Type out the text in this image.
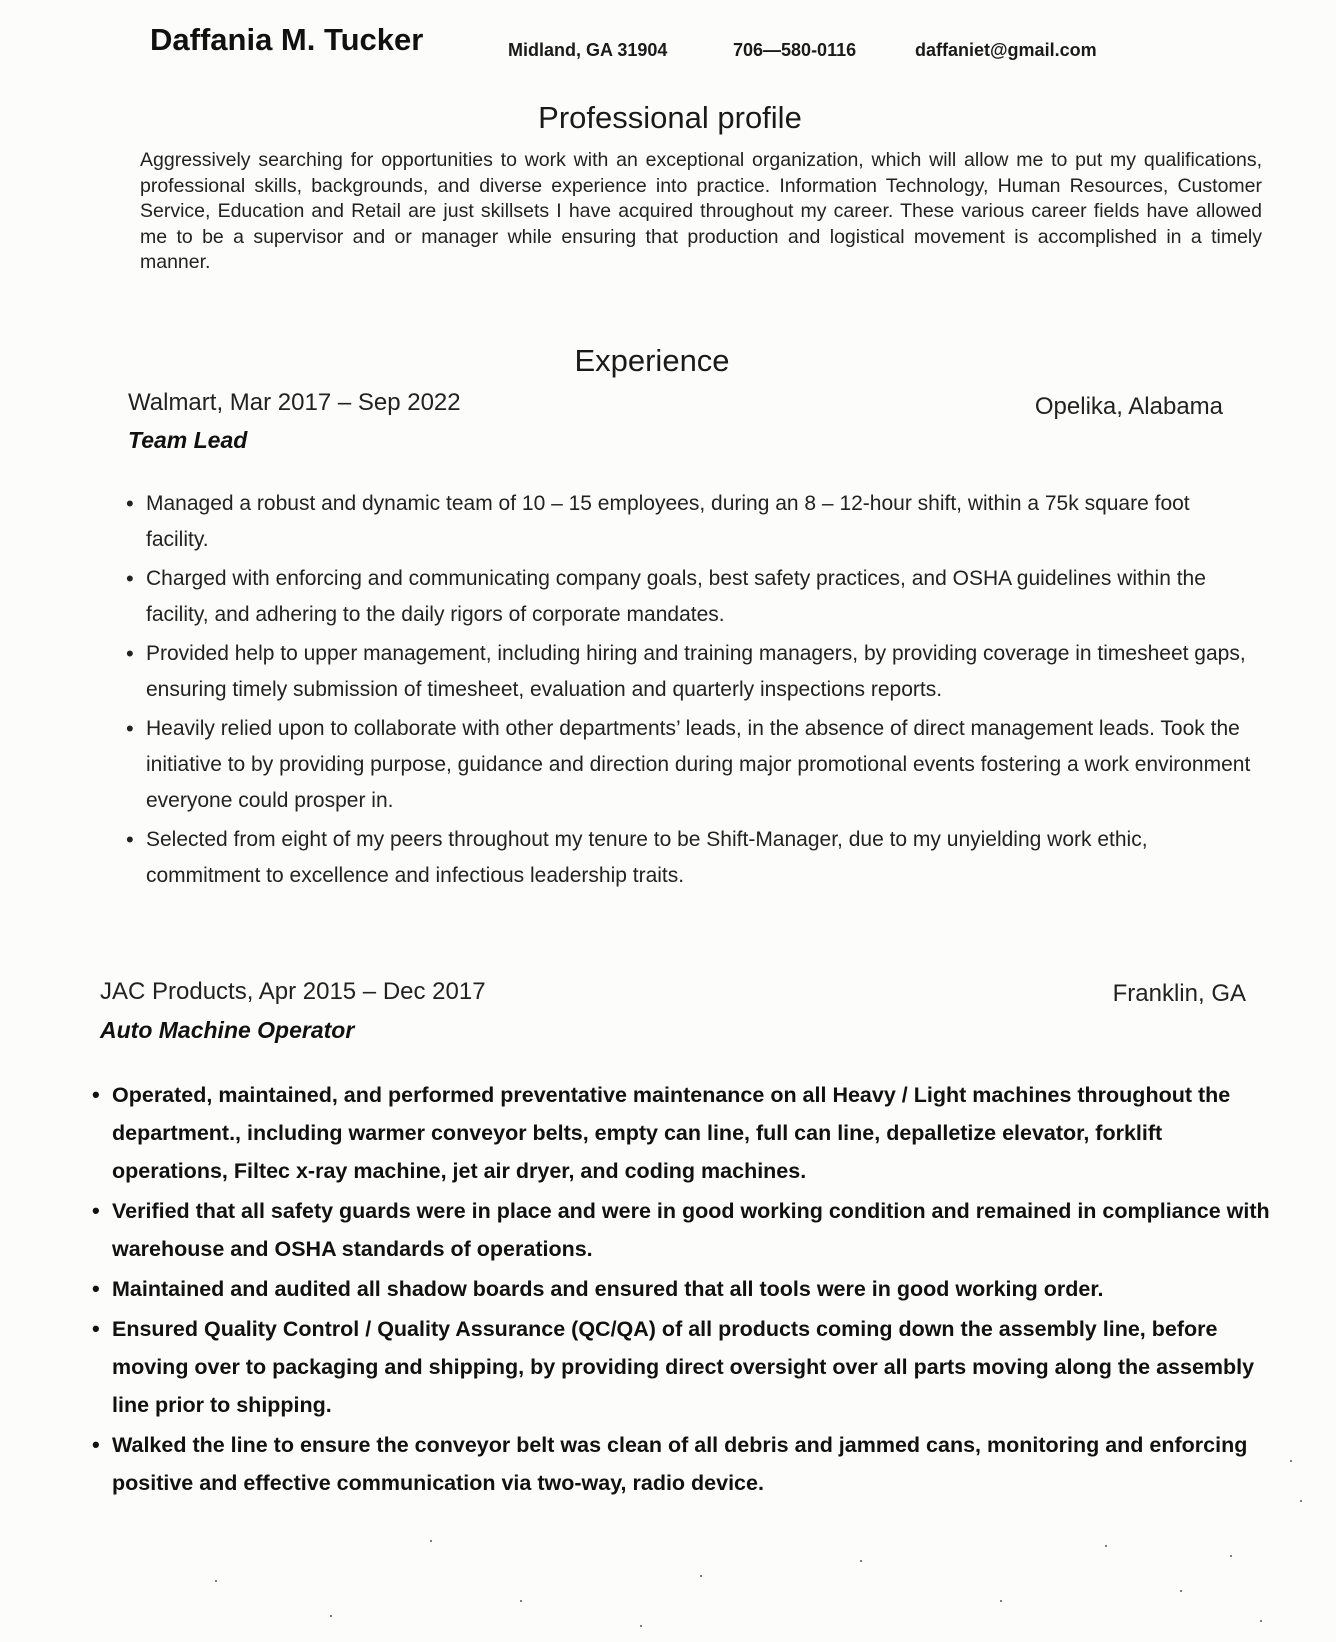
Daffania M. Tucker	Midland, GA 31904	706—580-0116	daffaniet@gmail.com
Professional profile
Aggressively searching for opportunities to work with an exceptional organization, which will allow me to put my qualifications, professional skills, backgrounds, and diverse experience into practice. Information Technology, Human Resources, Customer Service, Education and Retail are just skillsets I have acquired throughout my career. These various career fields have allowed me to be a supervisor and or manager while ensuring that production and logistical movement is accomplished in a timely manner.
Experience
Walmart, Mar 2017 – Sep 2022	Opelika, Alabama
Team Lead
• Managed a robust and dynamic team of 10 – 15 employees, during an 8 – 12-hour shift, within a 75k square foot facility.
• Charged with enforcing and communicating company goals, best safety practices, and OSHA guidelines within the facility, and adhering to the daily rigors of corporate mandates.
• Provided help to upper management, including hiring and training managers, by providing coverage in timesheet gaps, ensuring timely submission of timesheet, evaluation and quarterly inspections reports.
• Heavily relied upon to collaborate with other departments’ leads, in the absence of direct management leads. Took the initiative to by providing purpose, guidance and direction during major promotional events fostering a work environment everyone could prosper in.
• Selected from eight of my peers throughout my tenure to be Shift-Manager, due to my unyielding work ethic, commitment to excellence and infectious leadership traits.
JAC Products, Apr 2015 – Dec 2017	Franklin, GA
Auto Machine Operator
• Operated, maintained, and performed preventative maintenance on all Heavy / Light machines throughout the department., including warmer conveyor belts, empty can line, full can line, depalletize elevator, forklift operations, Filtec x-ray machine, jet air dryer, and coding machines.
• Verified that all safety guards were in place and were in good working condition and remained in compliance with warehouse and OSHA standards of operations.
• Maintained and audited all shadow boards and ensured that all tools were in good working order.
• Ensured Quality Control / Quality Assurance (QC/QA) of all products coming down the assembly line, before moving over to packaging and shipping, by providing direct oversight over all parts moving along the assembly line prior to shipping.
• Walked the line to ensure the conveyor belt was clean of all debris and jammed cans, monitoring and enforcing positive and effective communication via two-way, radio device.
